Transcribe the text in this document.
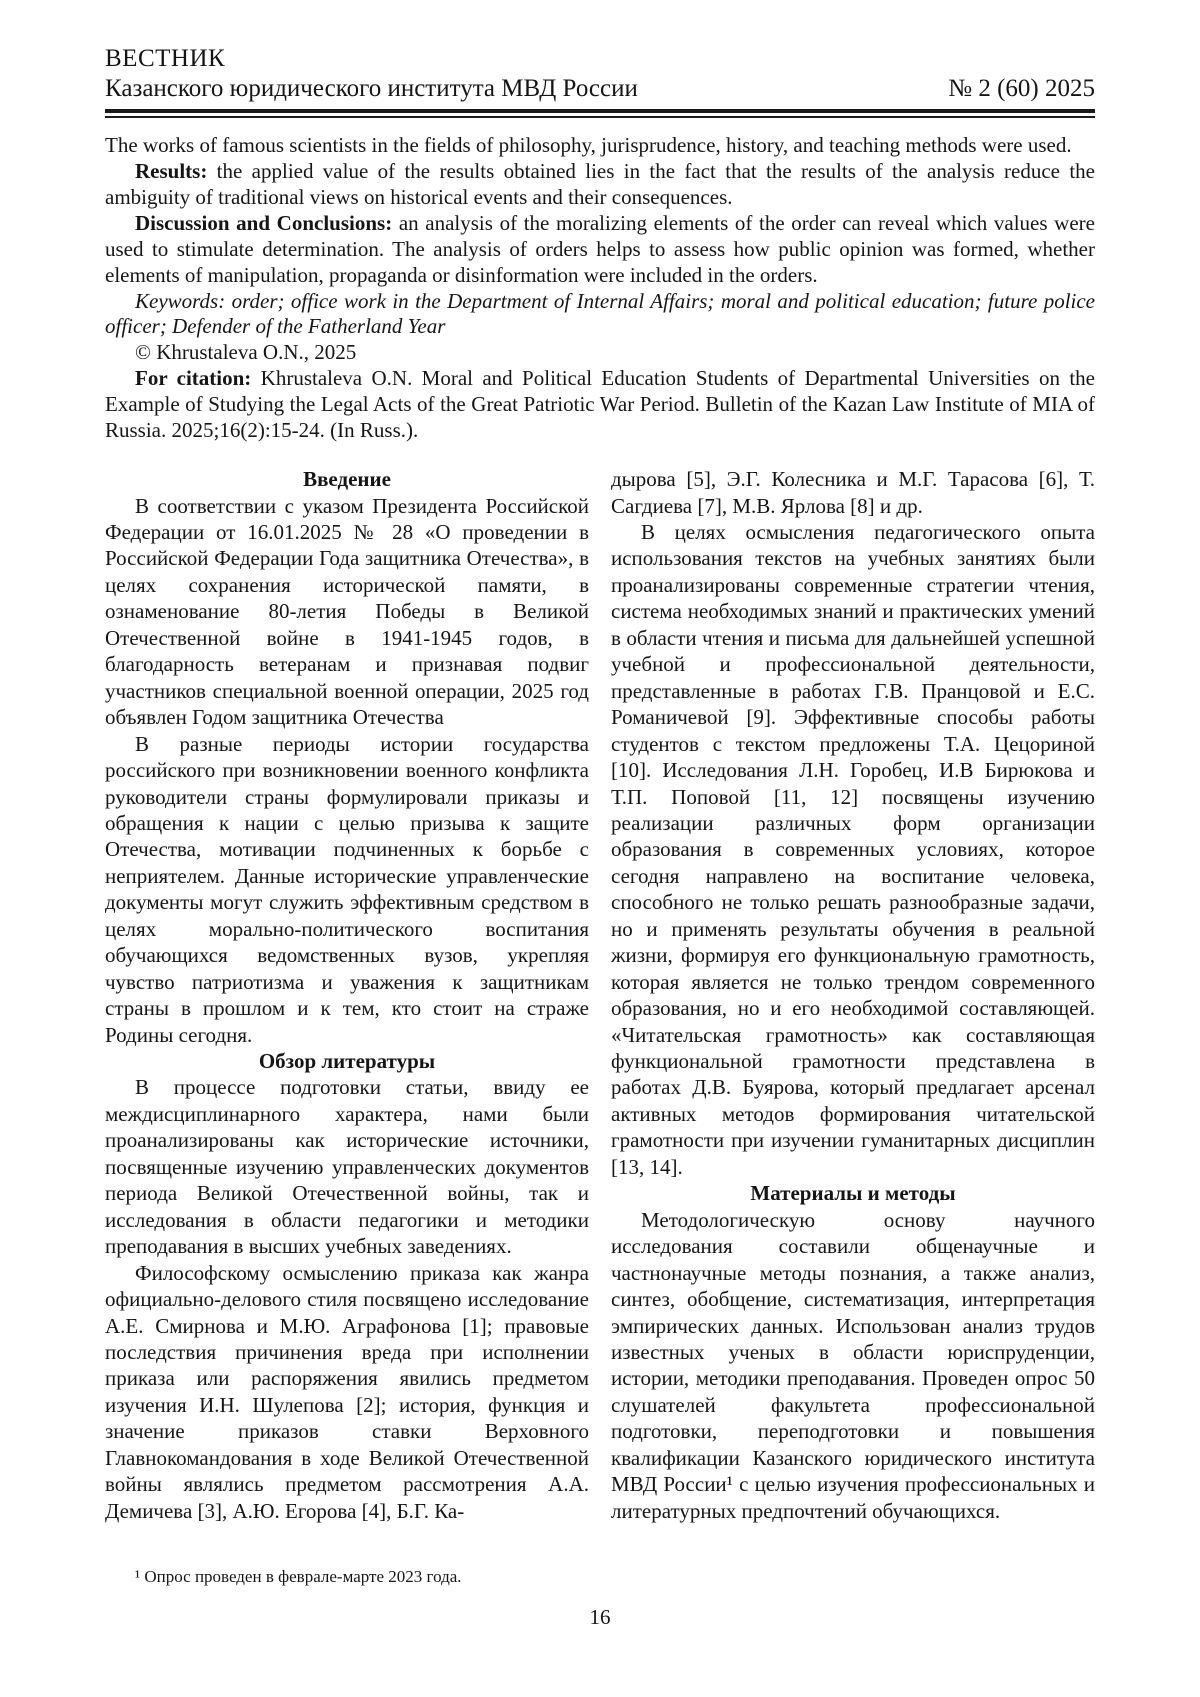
ВЕСТНИК
Казанского юридического института МВД России	№ 2 (60) 2025

The works of famous scientists in the fields of philosophy, jurisprudence, history, and teaching methods were used.

Results: the applied value of the results obtained lies in the fact that the results of the analysis reduce the ambiguity of traditional views on historical events and their consequences.

Discussion and Conclusions: an analysis of the moralizing elements of the order can reveal which values were used to stimulate determination. The analysis of orders helps to assess how public opinion was formed, whether elements of manipulation, propaganda or disinformation were included in the orders.

Keywords: order; office work in the Department of Internal Affairs; moral and political education; future police officer; Defender of the Fatherland Year

© Khrustaleva O.N., 2025

For citation: Khrustaleva O.N. Moral and Political Education Students of Departmental Universities on the Example of Studying the Legal Acts of the Great Patriotic War Period. Bulletin of the Kazan Law Institute of MIA of Russia. 2025;16(2):15-24. (In Russ.).

Введение

В соответствии с указом Президента Российской Федерации от 16.01.2025 № 28 «О проведении в Российской Федерации Года защитника Отечества», в целях сохранения исторической памяти, в ознаменование 80-летия Победы в Великой Отечественной войне в 1941-1945 годов, в благодарность ветеранам и признавая подвиг участников специальной военной операции, 2025 год объявлен Годом защитника Отечества

В разные периоды истории государства российского при возникновении военного конфликта руководители страны формулировали приказы и обращения к нации с целью призыва к защите Отечества, мотивации подчиненных к борьбе с неприятелем. Данные исторические управленческие документы могут служить эффективным средством в целях морально-политического воспитания обучающихся ведомственных вузов, укрепляя чувство патриотизма и уважения к защитникам страны в прошлом и к тем, кто стоит на страже Родины сегодня.

Обзор литературы

В процессе подготовки статьи, ввиду ее междисциплинарного характера, нами были проанализированы как исторические источники, посвященные изучению управленческих документов периода Великой Отечественной войны, так и исследования в области педагогики и методики преподавания в высших учебных заведениях.

Философскому осмыслению приказа как жанра официально-делового стиля посвящено исследование А.Е. Смирнова и М.Ю. Аграфонова [1]; правовые последствия причинения вреда при исполнении приказа или распоряжения явились предметом изучения И.Н. Шулепова [2]; история, функция и значение приказов ставки Верховного Главнокомандования в ходе Великой Отечественной войны являлись предметом рассмотрения А.А. Демичева [3], А.Ю. Егорова [4], Б.Г. Ка-

дырова [5], Э.Г. Колесника и М.Г. Тарасова [6], Т. Сагдиева [7], М.В. Ярлова [8] и др.

В целях осмысления педагогического опыта использования текстов на учебных занятиях были проанализированы современные стратегии чтения, система необходимых знаний и практических умений в области чтения и письма для дальнейшей успешной учебной и профессиональной деятельности, представленные в работах Г.В. Пранцовой и Е.С. Романичевой [9]. Эффективные способы работы студентов с текстом предложены Т.А. Цецориной [10]. Исследования Л.Н. Горобец, И.В Бирюкова и Т.П. Поповой [11, 12] посвящены изучению реализации различных форм организации образования в современных условиях, которое сегодня направлено на воспитание человека, способного не только решать разнообразные задачи, но и применять результаты обучения в реальной жизни, формируя его функциональную грамотность, которая является не только трендом современного образования, но и его необходимой составляющей. «Читательская грамотность» как составляющая функциональной грамотности представлена в работах Д.В. Буярова, который предлагает арсенал активных методов формирования читательской грамотности при изучении гуманитарных дисциплин [13, 14].

Материалы и методы

Методологическую основу научного исследования составили общенаучные и частнонаучные методы познания, а также анализ, синтез, обобщение, систематизация, интерпретация эмпирических данных. Использован анализ трудов известных ученых в области юриспруденции, истории, методики преподавания. Проведен опрос 50 слушателей факультета профессиональной подготовки, переподготовки и повышения квалификации Казанского юридического института МВД России¹ с целью изучения профессиональных и литературных предпочтений обучающихся.

¹ Опрос проведен в феврале-марте 2023 года.
16
